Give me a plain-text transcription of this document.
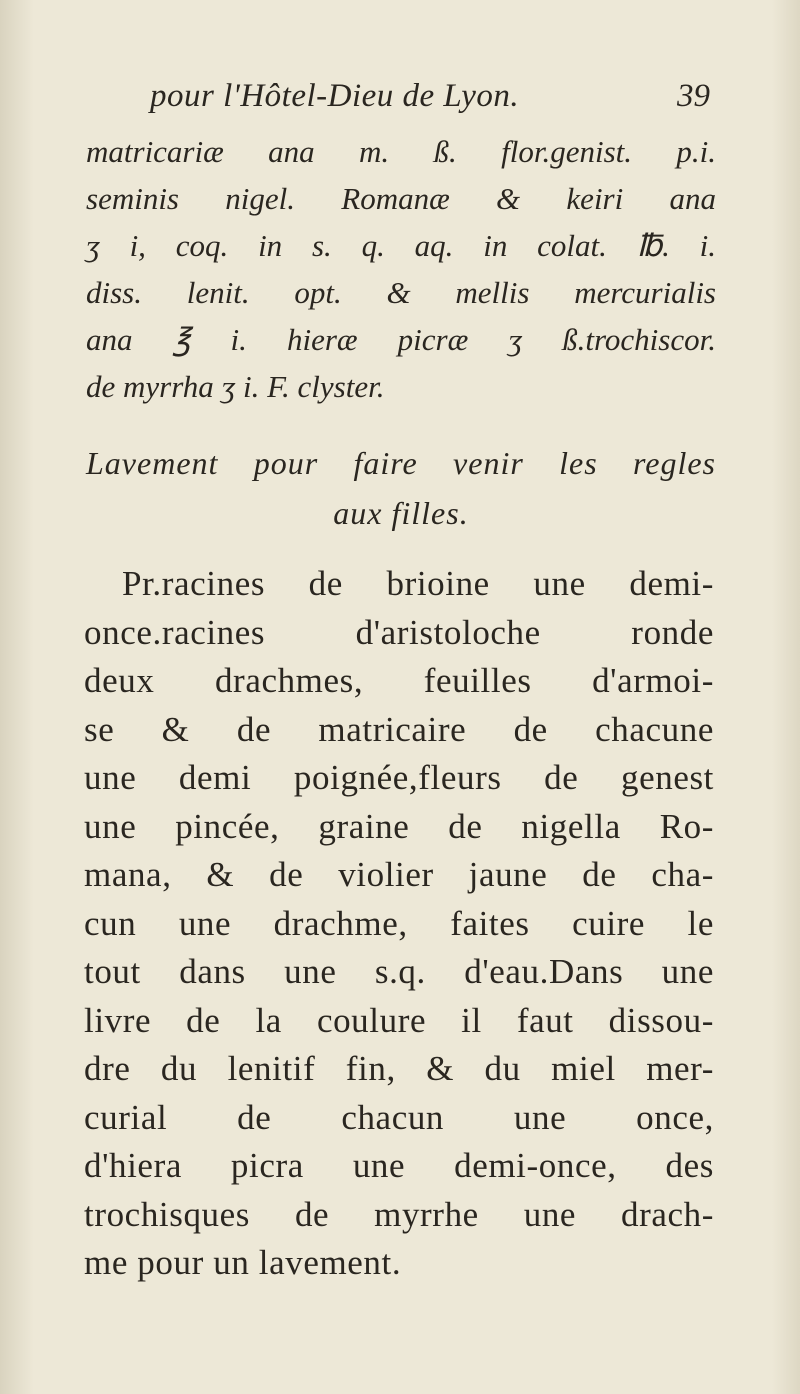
pour l'Hôtel-Dieu de Lyon.	39
matricariæ ana m. ß. flor.genist. p.i.
seminis nigel. Romanæ & keiri ana
ʒ i, coq. in s. q. aq. in colat. ℔. i.
diss. lenit. opt. & mellis mercurialis
ana ℥ i. hieræ picræ ʒ ß.trochiscor.
de myrrha ʒ i. F. clyster.
Lavement pour faire venir les regles
aux filles.
Pr.racines de brioine une demi-
once.racines d'aristoloche ronde
deux drachmes, feuilles d'armoi-
se & de matricaire de chacune
une demi poignée,fleurs de genest
une pincée, graine de nigella Ro-
mana, & de violier jaune de cha-
cun une drachme, faites cuire le
tout dans une s.q. d'eau.Dans une
livre de la coulure il faut dissou-
dre du lenitif fin, & du miel mer-
curial de chacun une once,
d'hiera picra une demi-once, des
trochisques de myrrhe une drach-
me pour un lavement.
